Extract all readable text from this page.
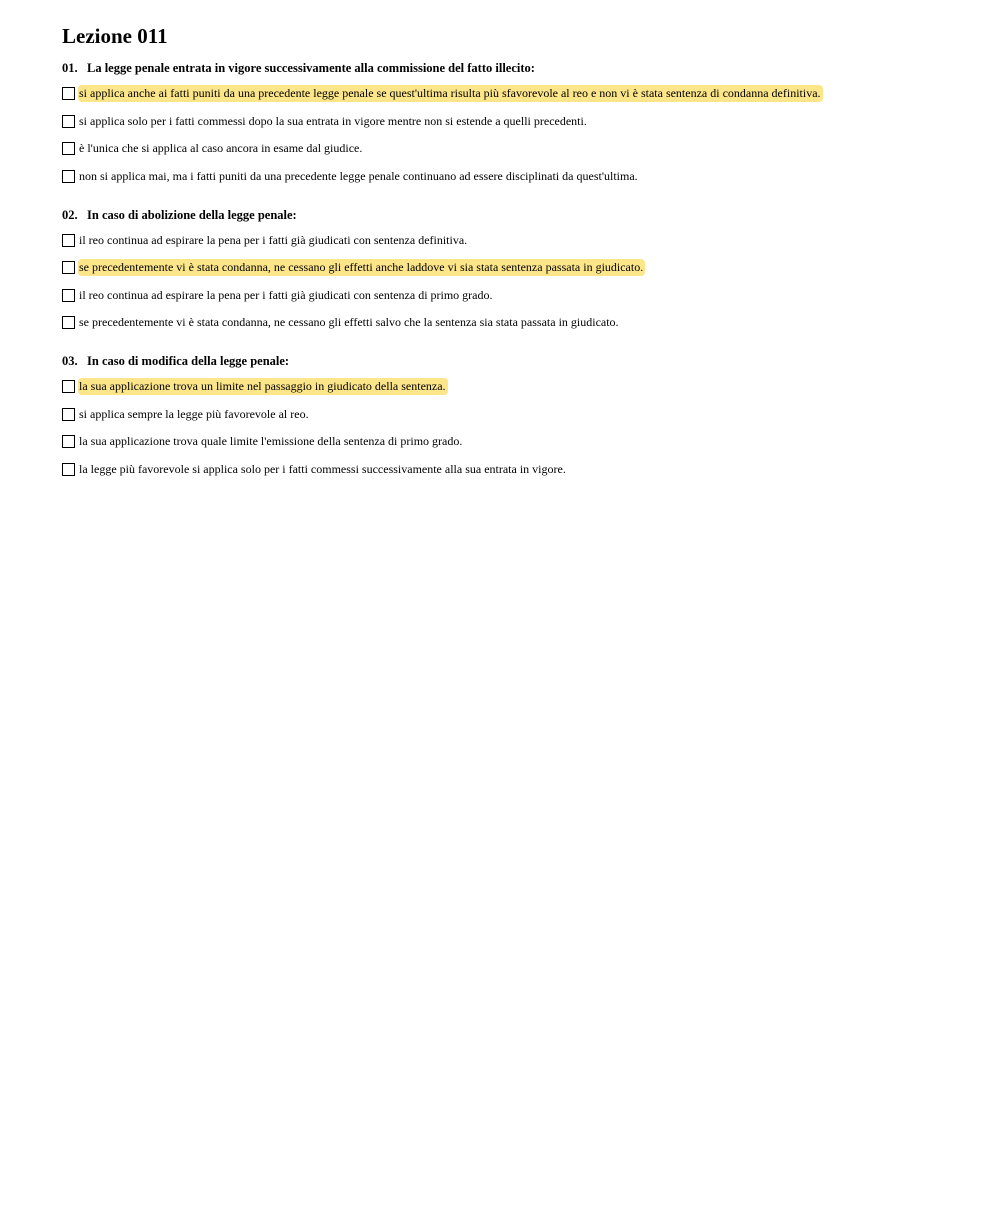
Lezione 011
01. La legge penale entrata in vigore successivamente alla commissione del fatto illecito:
si applica anche ai fatti puniti da una precedente legge penale se quest'ultima risulta più sfavorevole al reo e non vi è stata sentenza di condanna definitiva.
si applica solo per i fatti commessi dopo la sua entrata in vigore mentre non si estende a quelli precedenti.
è l'unica che si applica al caso ancora in esame dal giudice.
non si applica mai, ma i fatti puniti da una precedente legge penale continuano ad essere disciplinati da quest'ultima.
02. In caso di abolizione della legge penale:
il reo continua ad espirare la pena per i fatti già giudicati con sentenza definitiva.
se precedentemente vi è stata condanna, ne cessano gli effetti anche laddove vi sia stata sentenza passata in giudicato.
il reo continua ad espirare la pena per i fatti già giudicati con sentenza di primo grado.
se precedentemente vi è stata condanna, ne cessano gli effetti salvo che la sentenza sia stata passata in giudicato.
03. In caso di modifica della legge penale:
la sua applicazione trova un limite nel passaggio in giudicato della sentenza.
si applica sempre la legge più favorevole al reo.
la sua applicazione trova quale limite l'emissione della sentenza di primo grado.
la legge più favorevole si applica solo per i fatti commessi successivamente alla sua entrata in vigore.
